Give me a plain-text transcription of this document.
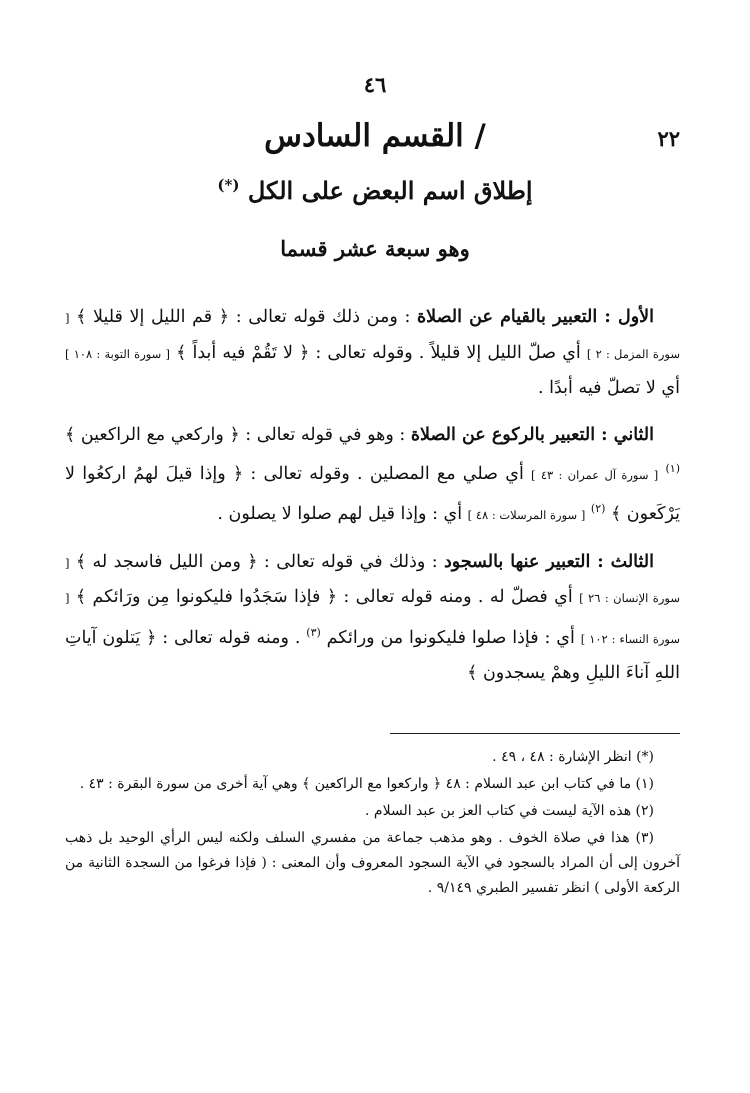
٤٦
٢٢
/ القسم السادس
إطلاق اسم البعض على الكل (*)
وهو سبعة عشر قسما

الأول : التعبير بالقيام عن الصلاة : ومن ذلك قوله تعالى : ﴿ قم الليل إلا قليلا ﴾ [ سورة المزمل : ٢ ] أي صلّ الليل إلا قليلاً . وقوله تعالى : ﴿ لا تَقُمْ فيه أبداً ﴾ [ سورة التوبة : ١٠٨ ] أي لا تصلّ فيه أبدًا .

الثاني : التعبير بالركوع عن الصلاة : وهو في قوله تعالى : ﴿ واركعي مع الراكعين ﴾ $^{(١)}$ [ سورة آل عمران : ٤٣ ] أي صلي مع المصلين . وقوله تعالى : ﴿ وإذا قيلَ لهمُ اركعُوا لا يَرْكَعون ﴾ $^{(٢)}$ [ سورة المرسلات : ٤٨ ] أي : وإذا قيل لهم صلوا لا يصلون .

الثالث : التعبير عنها بالسجود : وذلك في قوله تعالى : ﴿ ومن الليل فاسجد له ﴾ [ سورة الإنسان : ٢٦ ] أي فصلّ له . ومنه قوله تعالى : ﴿ فإذا سَجَدُوا فليكونوا مِن ورَائكم ﴾ [ سورة النساء : ١٠٢ ] أي : فإذا صلوا فليكونوا من ورائكم $^{(٣)}$ . ومنه قوله تعالى : ﴿ يَتلون آياتِ اللهِ آناءَ الليلِ وهمْ يسجدون ﴾

(*) انظر الإشارة : ٤٨ ، ٤٩ .

(١) ما في كتاب ابن عبد السلام : ٤٨ ﴿ واركعوا مع الراكعين ﴾ وهي آية أخرى من سورة البقرة : ٤٣ .

(٢) هذه الآية ليست في كتاب العز بن عبد السلام .

(٣) هذا في صلاة الخوف . وهو مذهب جماعة من مفسري السلف ولكنه ليس الرأي الوحيد بل ذهب آخرون إلى أن المراد بالسجود في الآية السجود المعروف وأن المعنى : ( فإذا فرغوا من السجدة الثانية من الركعة الأولى ) انظر تفسير الطبري ٩/١٤٩ .
